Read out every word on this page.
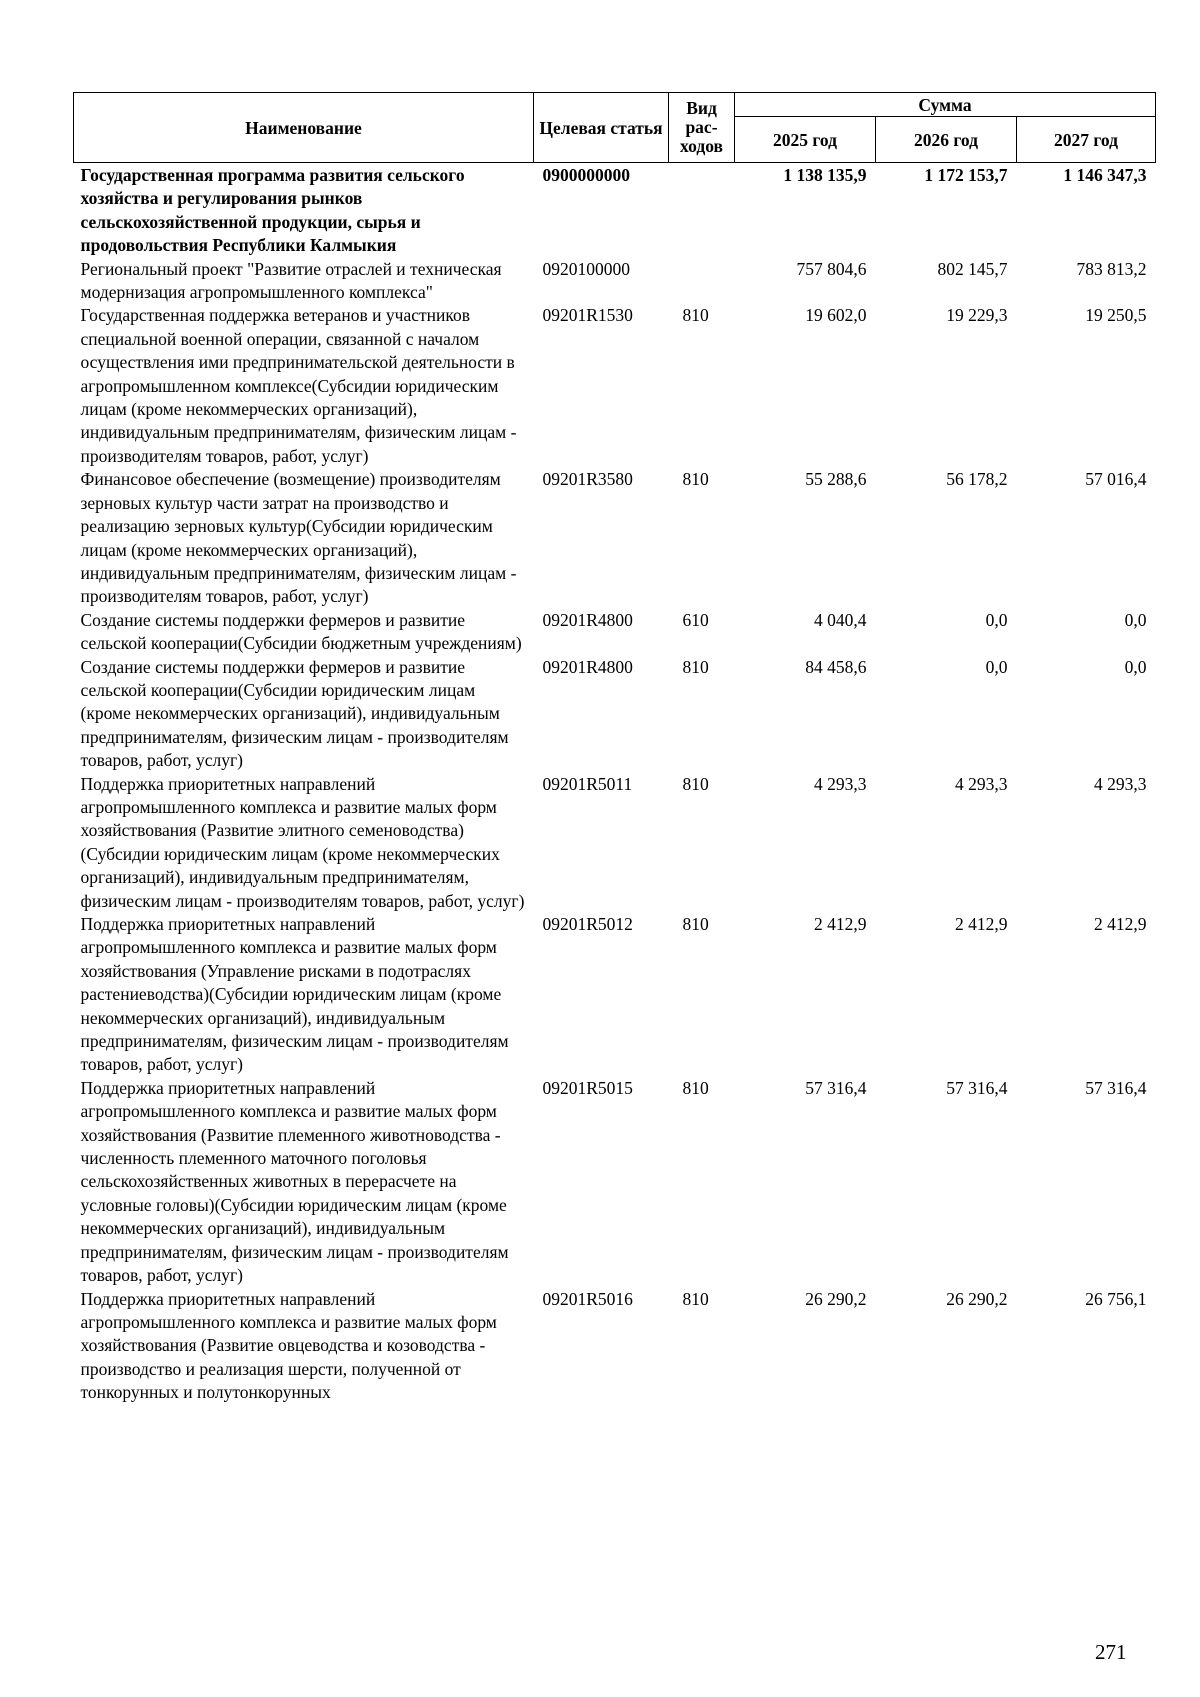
Наименование	Целевая статья	Вид рас-ходов	Сумма		
			2025 год	2026 год	2027 год
Государственная программа развития сельского хозяйства и регулирования рынков сельскохозяйственной продукции, сырья и продовольствия Республики Калмыкия	0900000000		1 138 135,9	1 172 153,7	1 146 347,3
Региональный проект "Развитие отраслей и техническая модернизация агропромышленного комплекса"	0920100000		757 804,6	802 145,7	783 813,2
Государственная поддержка ветеранов и участников специальной военной операции, связанной с началом осуществления ими предпринимательской деятельности в агропромышленном комплексе(Субсидии юридическим лицам (кроме некоммерческих организаций), индивидуальным предпринимателям, физическим лицам - производителям товаров, работ, услуг)	09201R1530	810	19 602,0	19 229,3	19 250,5
Финансовое обеспечение (возмещение) производителям зерновых культур части затрат на производство и реализацию зерновых культур(Субсидии юридическим лицам (кроме некоммерческих организаций), индивидуальным предпринимателям, физическим лицам - производителям товаров, работ, услуг)	09201R3580	810	55 288,6	56 178,2	57 016,4
Создание системы поддержки фермеров и развитие сельской кооперации(Субсидии бюджетным учреждениям)	09201R4800	610	4 040,4	0,0	0,0
Создание системы поддержки фермеров и развитие сельской кооперации(Субсидии юридическим лицам (кроме некоммерческих организаций), индивидуальным предпринимателям, физическим лицам - производителям товаров, работ, услуг)	09201R4800	810	84 458,6	0,0	0,0
Поддержка приоритетных направлений агропромышленного комплекса и развитие малых форм хозяйствования (Развитие элитного семеноводства)(Субсидии юридическим лицам (кроме некоммерческих организаций), индивидуальным предпринимателям, физическим лицам - производителям товаров, работ, услуг)	09201R5011	810	4 293,3	4 293,3	4 293,3
Поддержка приоритетных направлений агропромышленного комплекса и развитие малых форм хозяйствования (Управление рисками в подотраслях растениеводства)(Субсидии юридическим лицам (кроме некоммерческих организаций), индивидуальным предпринимателям, физическим лицам - производителям товаров, работ, услуг)	09201R5012	810	2 412,9	2 412,9	2 412,9
Поддержка приоритетных направлений агропромышленного комплекса и развитие малых форм хозяйствования (Развитие племенного животноводства - численность племенного маточного поголовья сельскохозяйственных животных в перерасчете на условные головы)(Субсидии юридическим лицам (кроме некоммерческих организаций), индивидуальным предпринимателям, физическим лицам - производителям товаров, работ, услуг)	09201R5015	810	57 316,4	57 316,4	57 316,4
Поддержка приоритетных направлений агропромышленного комплекса и развитие малых форм хозяйствования (Развитие овцеводства и козоводства - производство и реализация шерсти, полученной от тонкорунных и полутонкорунных	09201R5016	810	26 290,2	26 290,2	26 756,1
271
